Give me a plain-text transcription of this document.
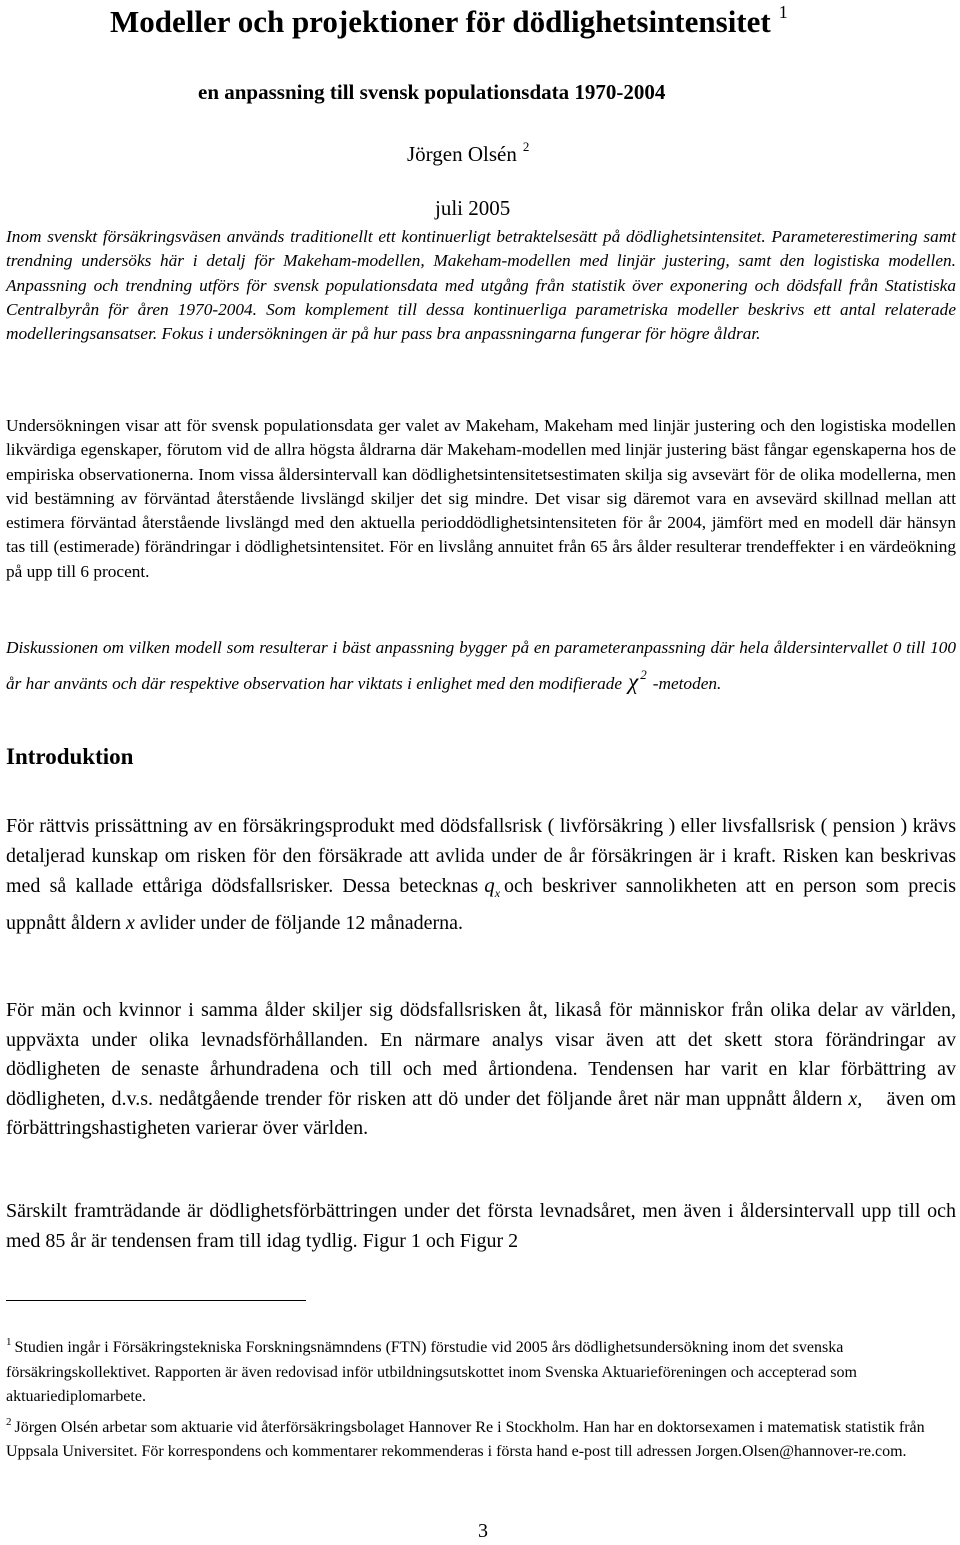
Modeller och projektioner för dödlighetsintensitet $^1$
en anpassning till svensk populationsdata 1970-2004
Jörgen Olsén $^2$
juli 2005
Inom svenskt försäkringsväsen används traditionellt ett kontinuerligt betraktelsesätt på dödlighetsintensitet. Parameterestimering samt trendning undersöks här i detalj för Makeham-modellen, Makeham-modellen med linjär justering, samt den logistiska modellen. Anpassning och trendning utförs för svensk populationsdata med utgång från statistik över exponering och dödsfall från Statistiska Centralbyrån för åren 1970-2004. Som komplement till dessa kontinuerliga parametriska modeller beskrivs ett antal relaterade modelleringsansatser. Fokus i undersökningen är på hur pass bra anpassningarna fungerar för högre åldrar.
Undersökningen visar att för svensk populationsdata ger valet av Makeham, Makeham med linjär justering och den logistiska modellen likvärdiga egenskaper, förutom vid de allra högsta åldrarna där Makeham-modellen med linjär justering bäst fångar egenskaperna hos de empiriska observationerna. Inom vissa åldersintervall kan dödlighetsintensitetsestimaten skilja sig avsevärt för de olika modellerna, men vid bestämning av förväntad återstående livslängd skiljer det sig mindre. Det visar sig däremot vara en avsevärd skillnad mellan att estimera förväntad återstående livslängd med den aktuella perioddödlighetsintensiteten för år 2004, jämfört med en modell där hänsyn tas till (estimerade) förändringar i dödlighetsintensitet. För en livslång annuitet från 65 års ålder resulterar trendeffekter i en värdeökning på upp till 6 procent.
Diskussionen om vilken modell som resulterar i bäst anpassning bygger på en parameteranpassning där hela åldersintervallet 0 till 100 år har använts och där respektive observation har viktats i enlighet med den modifierade χ $^2$ -metoden.
Introduktion
För rättvis prissättning av en försäkringsprodukt med dödsfallsrisk ( livförsäkring ) eller livsfallsrisk ( pension ) krävs detaljerad kunskap om risken för den försäkrade att avlida under de år försäkringen är i kraft. Risken kan beskrivas med så kallade ettåriga dödsfallsrisker. Dessa betecknas $q_x$ och beskriver sannolikheten att en person som precis uppnått åldern x avlider under de följande 12 månaderna.
För män och kvinnor i samma ålder skiljer sig dödsfallsrisken åt, likaså för människor från olika delar av världen, uppväxta under olika levnadsförhållanden. En närmare analys visar även att det skett stora förändringar av dödligheten de senaste århundradena och till och med årtiondena. Tendensen har varit en klar förbättring av dödligheten, d.v.s. nedåtgående trender för risken att dö under det följande året när man uppnått åldern x, även om förbättringshastigheten varierar över världen.
Särskilt framträdande är dödlighetsförbättringen under det första levnadsåret, men även i åldersintervall upp till och med 85 år är tendensen fram till idag tydlig. Figur 1 och Figur 2
$^1$ Studien ingår i Försäkringstekniska Forskningsnämndens (FTN) förstudie vid 2005 års dödlighetsundersökning inom det svenska försäkringskollektivet. Rapporten är även redovisad inför utbildningsutskottet inom Svenska Aktuarieföreningen och accepterad som aktuariediplomarbete.
$^2$ Jörgen Olsén arbetar som aktuarie vid återförsäkringsbolaget Hannover Re i Stockholm. Han har en doktorsexamen i matematisk statistik från Uppsala Universitet. För korrespondens och kommentarer rekommenderas i första hand e-post till adressen Jorgen.Olsen@hannover-re.com.
3
